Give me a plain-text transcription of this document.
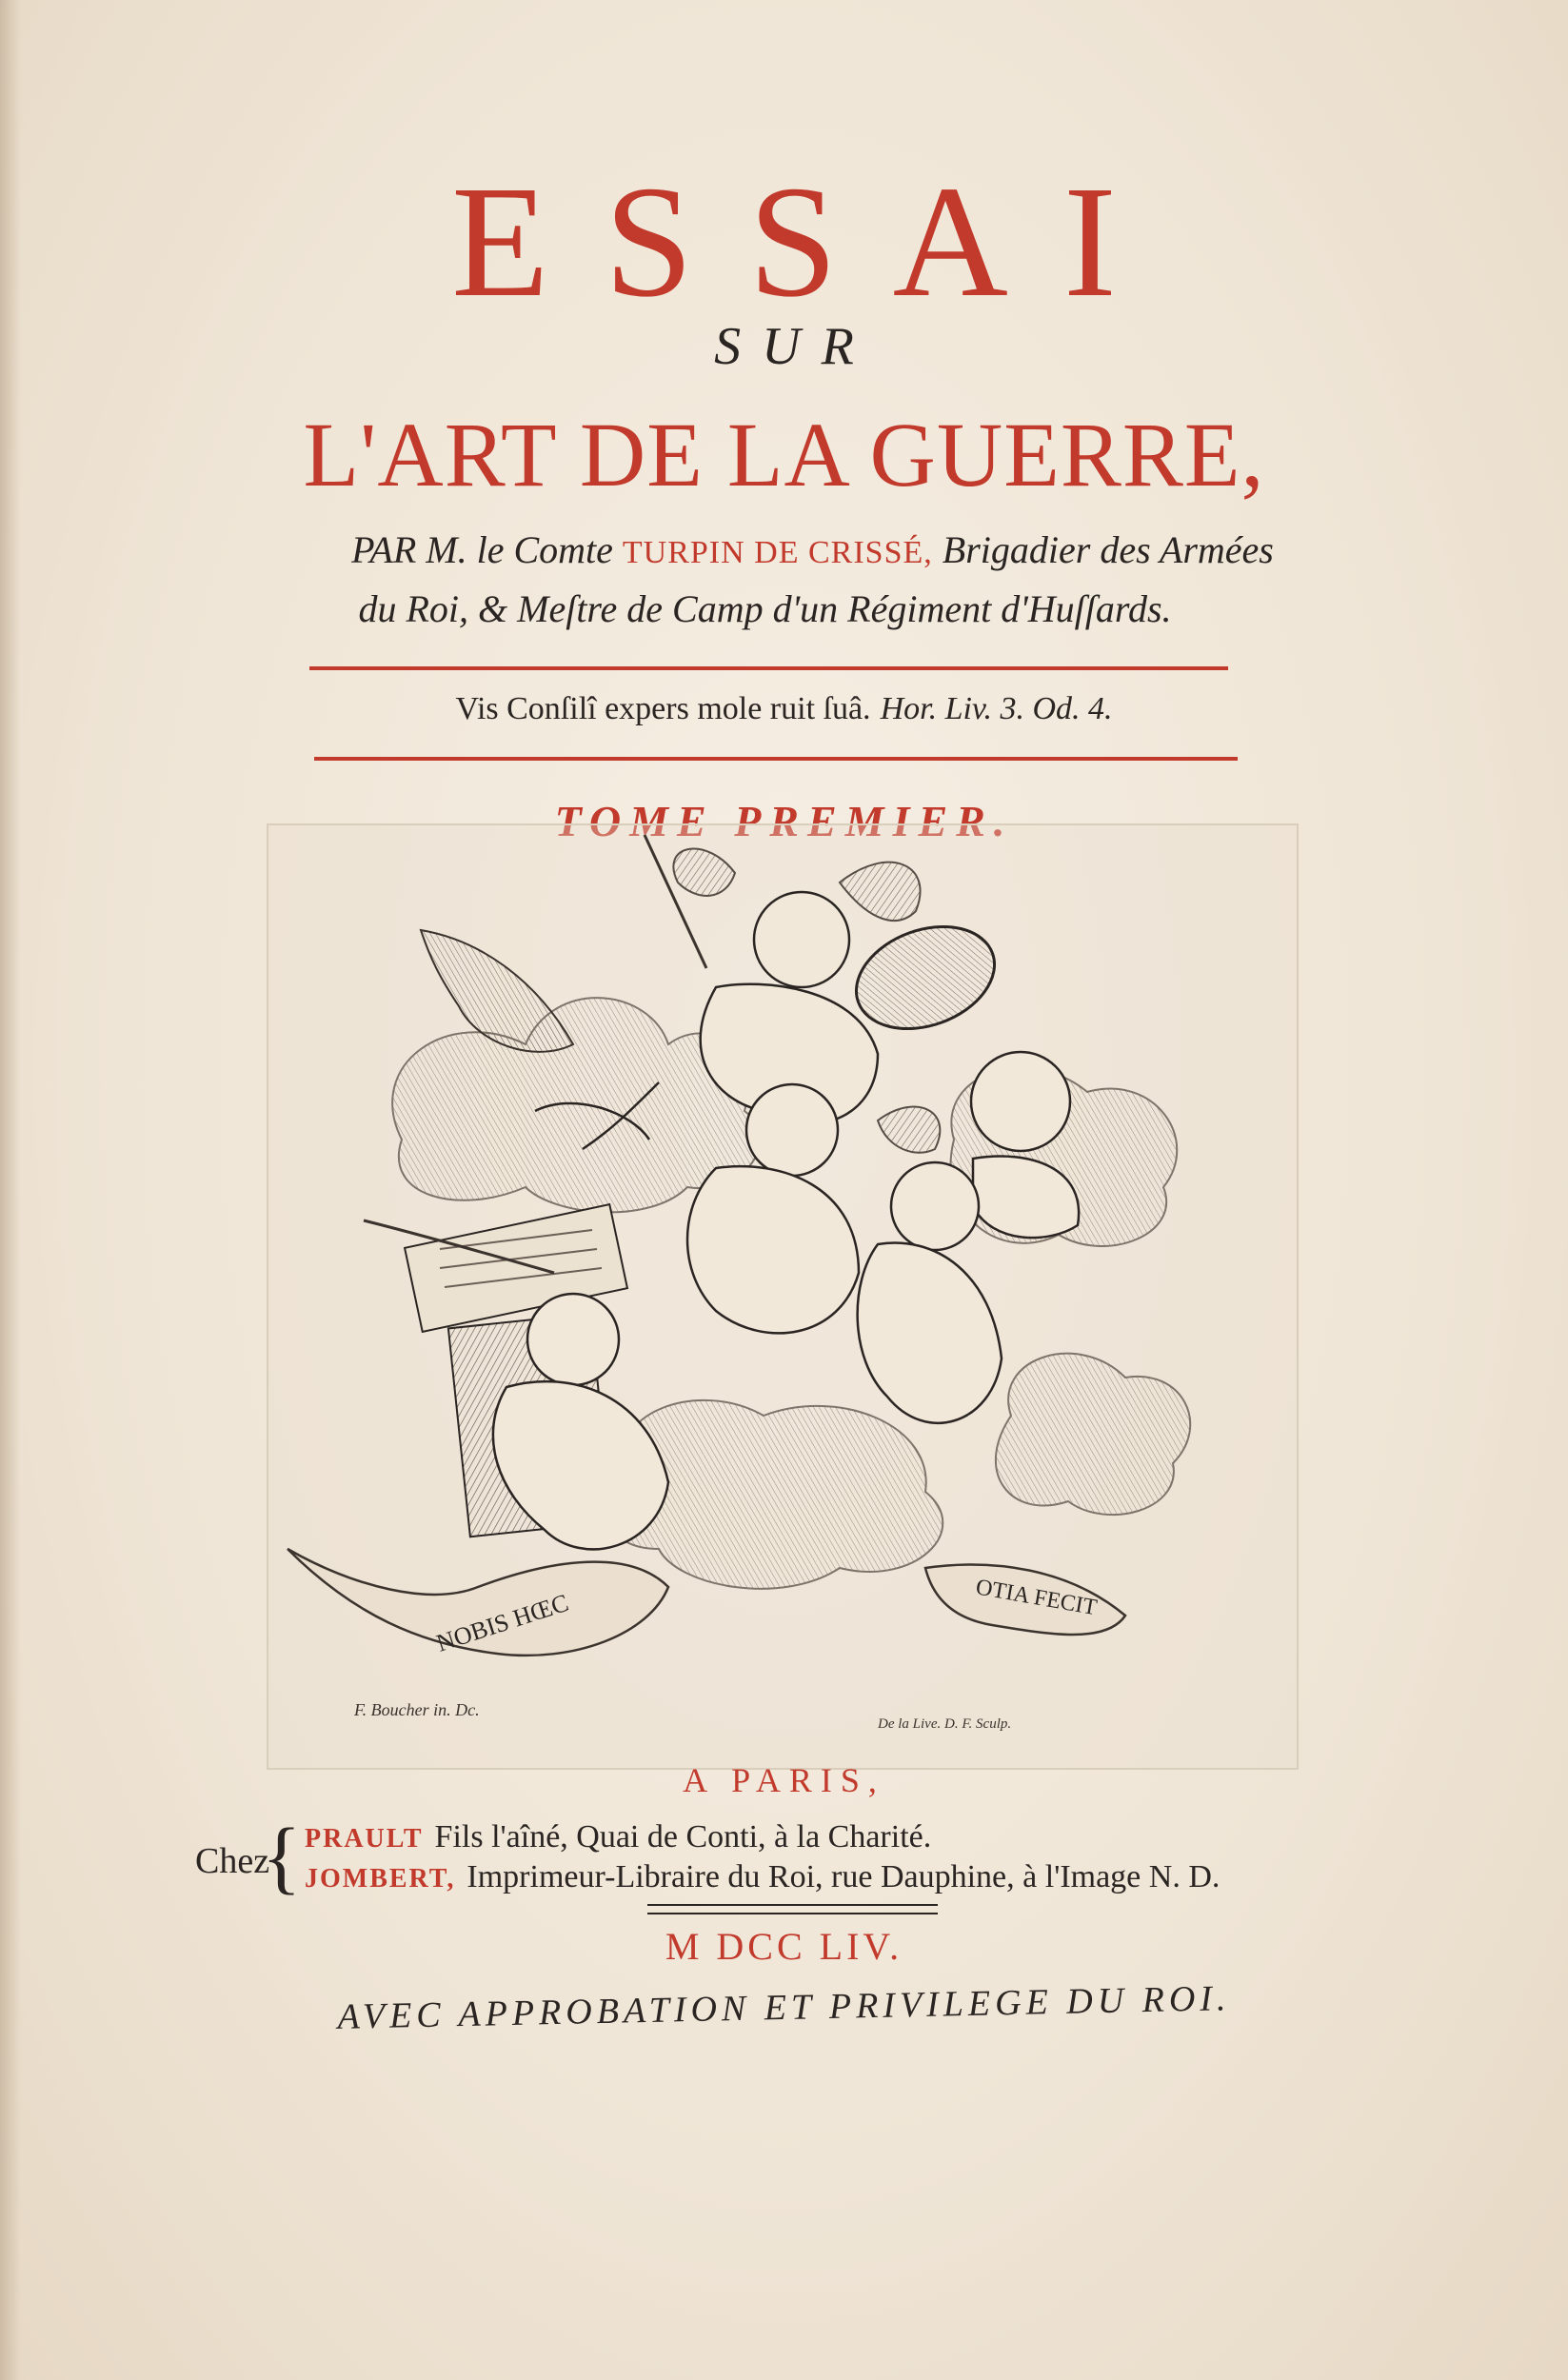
ESSAI
SUR
L'ART DE LA GUERRE,
PAR M. le Comte TURPIN DE CRISSÉ, Brigadier des Armées
du Roi, & Meſtre de Camp d'un Régiment d'Huſſards.
Vis Conſilî expers mole ruit ſuâ. Hor. Liv. 3. Od. 4.
TOME PREMIER.
NOBIS HŒC	OTIA FECIT
F. Boucher in. Dc.
De la Live. D. F. Sculp.
A PARIS,
Chez
{ PRAULT Fils l'aîné, Quai de Conti, à la Charité.
JOMBERT, Imprimeur-Libraire du Roi, rue Dauphine, à l'Image N. D.
M DCC LIV.
AVEC APPROBATION ET PRIVILEGE DU ROI.
